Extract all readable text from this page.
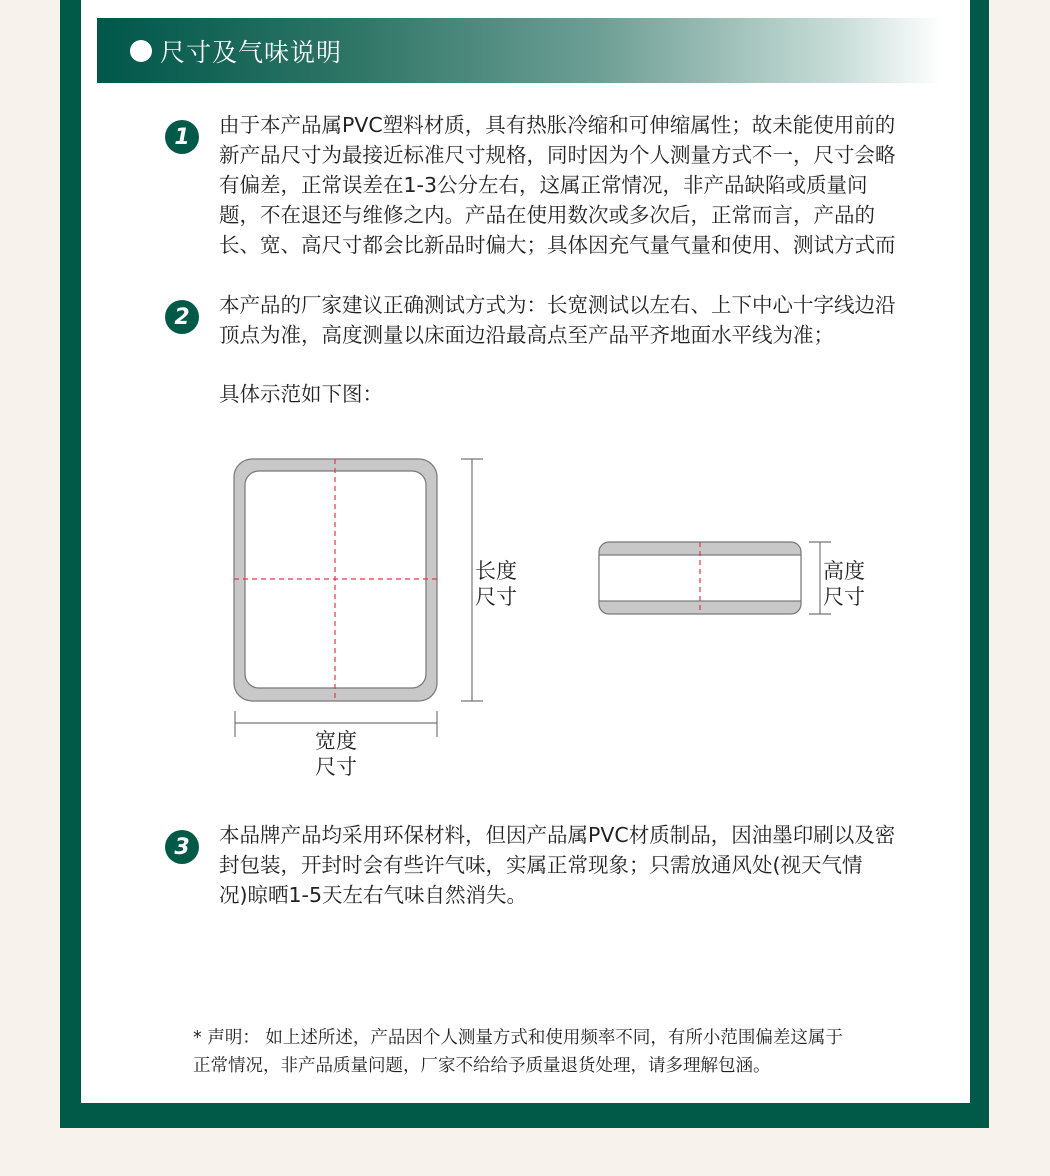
尺寸及气味说明
1	由于本产品属PVC塑料材质，具有热胀冷缩和可伸缩属性；故未能使用前的

新产品尺寸为最接近标准尺寸规格，同时因为个人测量方式不一，尺寸会略

有偏差，正常误差在1-3公分左右，这属正常情况，非产品缺陷或质量问

题，不在退还与维修之内。产品在使用数次或多次后，正常而言，产品的

长、宽、高尺寸都会比新品时偏大；具体因充气量气量和使用、测试方式而

2	本产品的厂家建议正确测试方式为：长宽测试以左右、上下中心十字线边沿

顶点为准，高度测量以床面边沿最高点至产品平齐地面水平线为准；

具体示范如下图：
长度
尺寸
宽度
尺寸
高度
尺寸
3	本品牌产品均采用环保材料，但因产品属PVC材质制品，因油墨印刷以及密

封包装，开封时会有些许气味，实属正常现象；只需放通风处(视天气情

况)晾晒1-5天左右气味自然消失。

* 声明： 如上述所述，产品因个人测量方式和使用频率不同，有所小范围偏差这属于
正常情况，非产品质量问题，厂家不给给予质量退货处理，请多理解包涵。
